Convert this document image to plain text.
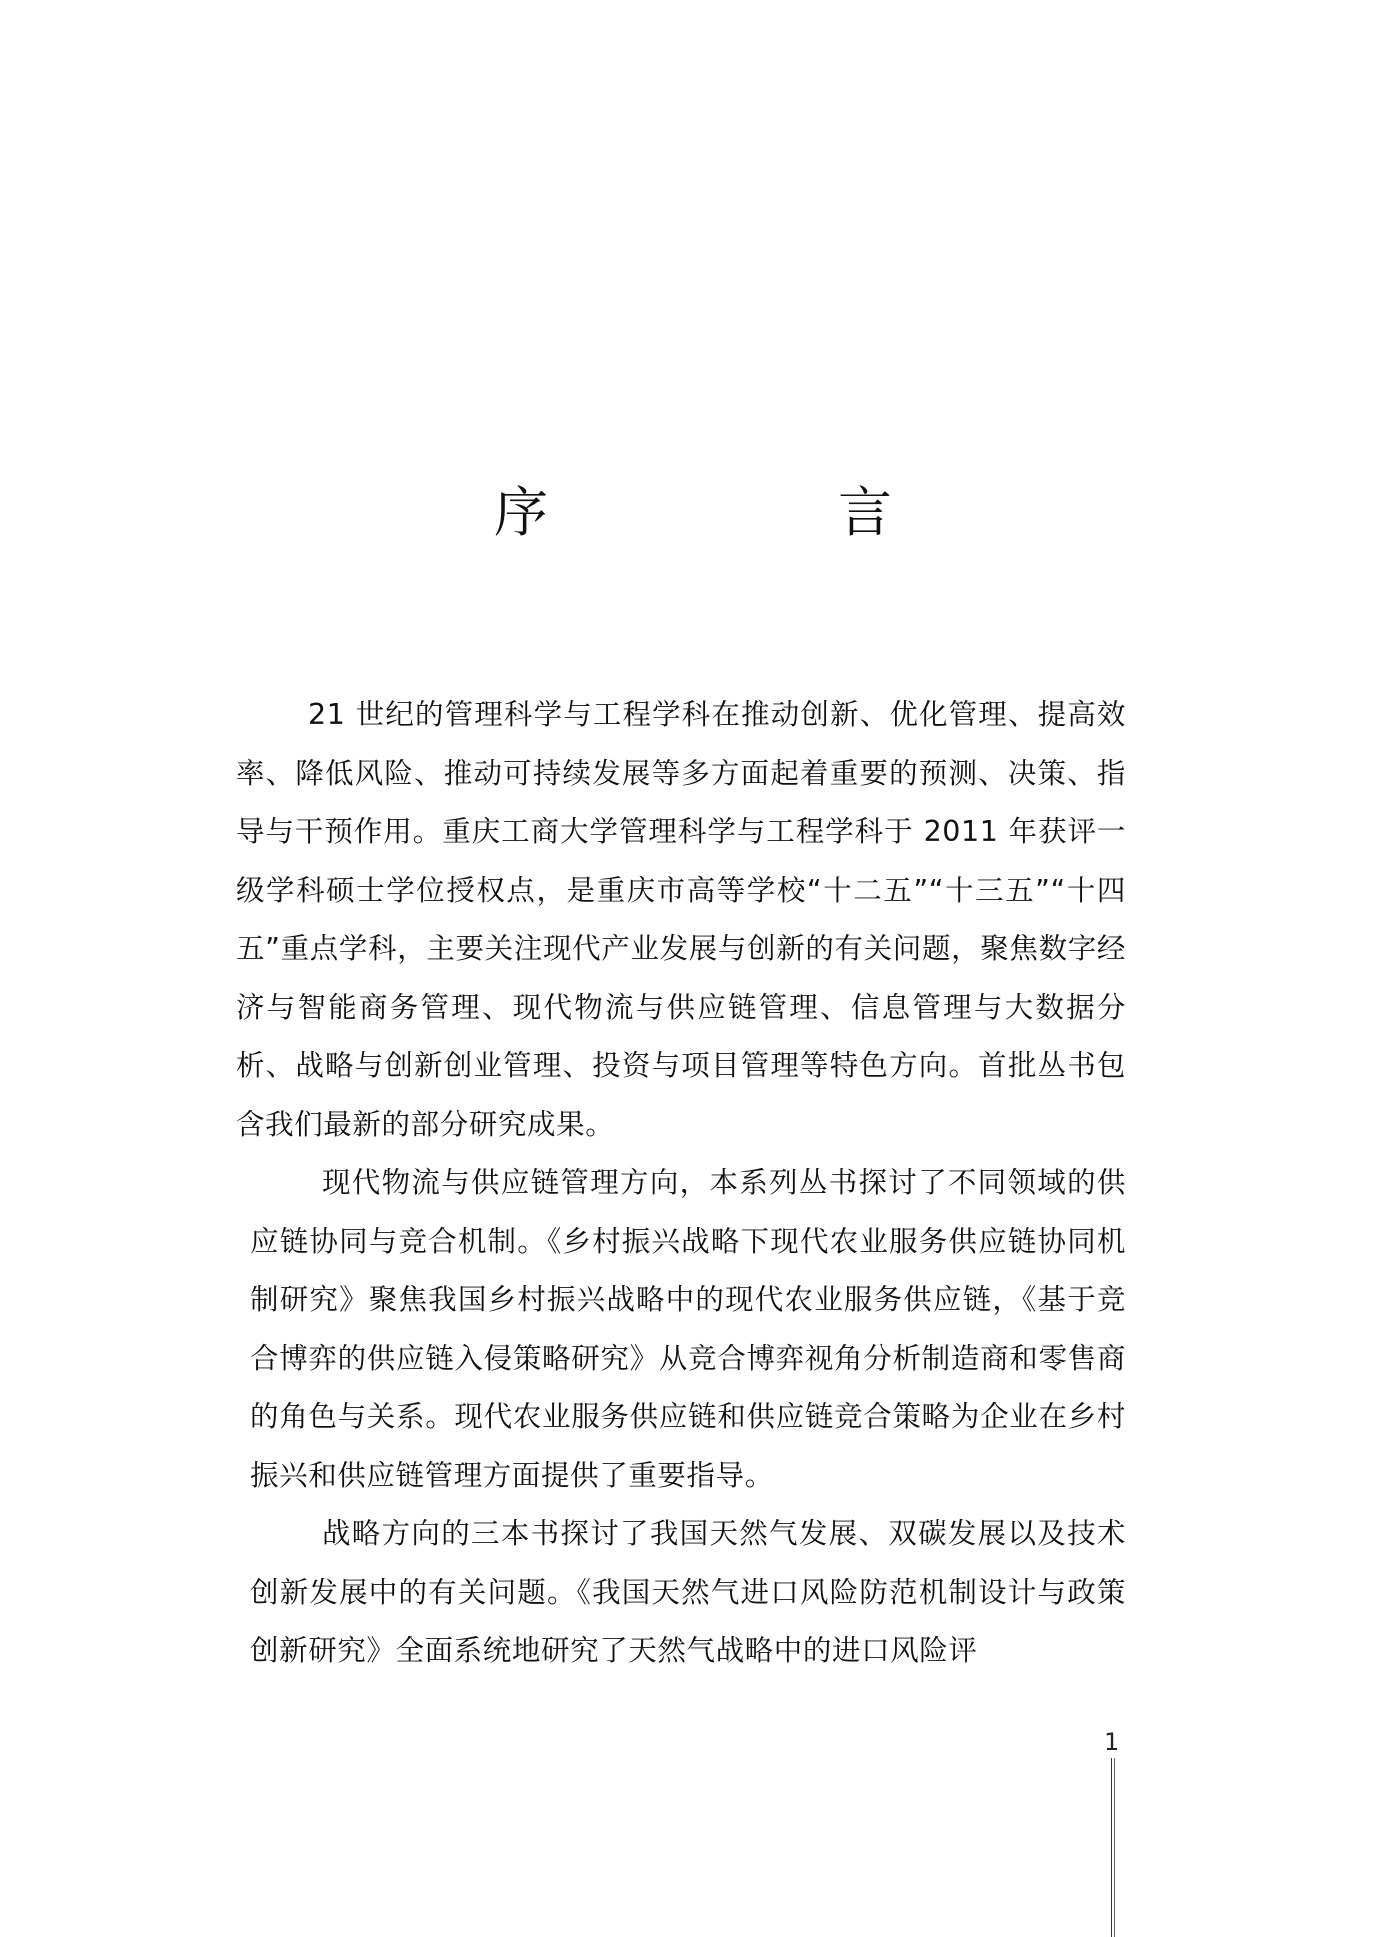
序　言

21 世纪的管理科学与工程学科在推动创新、优化管理、提高效率、降低风险、推动可持续发展等多方面起着重要的预测、决策、指导与干预作用。重庆工商大学管理科学与工程学科于 2011 年获评一级学科硕士学位授权点，是重庆市高等学校“十二五”“十三五”“十四五”重点学科，主要关注现代产业发展与创新的有关问题，聚焦数字经济与智能商务管理、现代物流与供应链管理、信息管理与大数据分析、战略与创新创业管理、投资与项目管理等特色方向。首批丛书包含我们最新的部分研究成果。

现代物流与供应链管理方向，本系列丛书探讨了不同领域的供应链协同与竞合机制。《乡村振兴战略下现代农业服务供应链协同机制研究》聚焦我国乡村振兴战略中的现代农业服务供应链，《基于竞合博弈的供应链入侵策略研究》从竞合博弈视角分析制造商和零售商的角色与关系。现代农业服务供应链和供应链竞合策略为企业在乡村振兴和供应链管理方面提供了重要指导。

战略方向的三本书探讨了我国天然气发展、双碳发展以及技术创新发展中的有关问题。《我国天然气进口风险防范机制设计与政策创新研究》全面系统地研究了天然气战略中的进口风险评

1
